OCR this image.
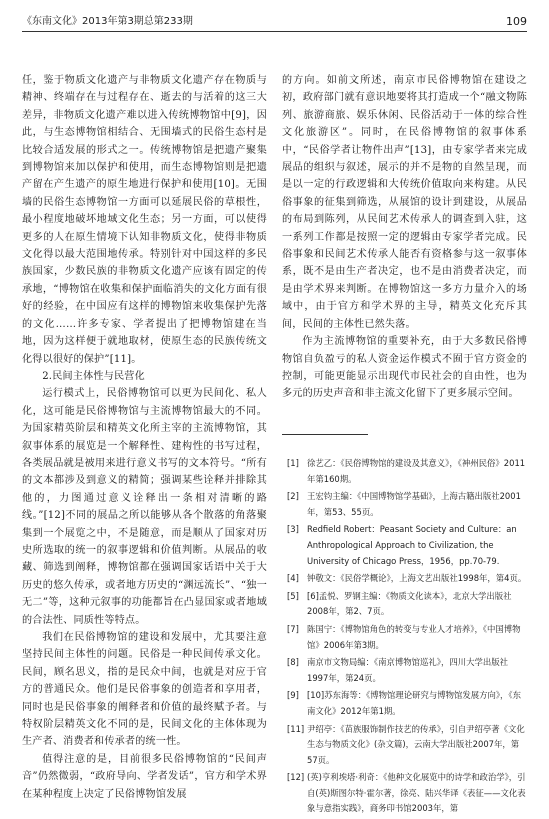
《东南文化》2013年第3期总第233期	109

任，鉴于物质文化遗产与非物质文化遗产存在物质与精神、终端存在与过程存在、逝去的与活着的这三大差异，非物质文化遗产难以进入传统博物馆中[9]，因此，与生态博物馆相结合、无围墙式的民俗生态村是比较合适发展的形式之一。传统博物馆是把遗产聚集到博物馆来加以保护和使用，而生态博物馆则是把遗产留在产生遗产的原生地进行保护和使用[10]。无围墙的民俗生态博物馆一方面可以延展民俗的草根性，最小程度地破坏地域文化生态；另一方面，可以使得更多的人在原生情境下认知非物质文化，使得非物质文化得以最大范围地传承。特别针对中国这样的多民族国家，少数民族的非物质文化遗产应该有固定的传承地，“博物馆在收集和保护面临消失的文化方面有很好的经验，在中国应有这样的博物馆来收集保护先落的文化……许多专家、学者提出了把博物馆建在当地，因为这样便于就地取材，使原生态的民族传统文化得以很好的保护”[11]。

2.民间主体性与民营化

运行模式上，民俗博物馆可以更为民间化、私人化，这可能是民俗博物馆与主流博物馆最大的不同。为国家精英阶层和精英文化所主宰的主流博物馆，其叙事体系的展览是一个解释性、建构性的书写过程，各类展品就是被用来进行意义书写的文本符号。“所有的文本都涉及到意义的精简；强调某些诠释并排除其他的，力图通过意义诠释出一条相对清晰的路线。”[12]不同的展品之所以能够从各个散落的角落聚集到一个展览之中，不是随意，而是顺从了国家对历史所选取的统一的叙事逻辑和价值判断。从展品的收藏、筛选到阐释，博物馆都在强调国家话语中关于大历史的悠久传承，或者地方历史的“渊远流长”、“独一无二”等，这种元叙事的功能都旨在凸显国家或者地域的合法性、同质性等特点。

我们在民俗博物馆的建设和发展中，尤其要注意坚持民间主体性的问题。民俗是一种民间传承文化。民间，顾名思义，指的是民众中间，也就是对应于官方的普通民众。他们是民俗事象的创造者和享用者，同时也是民俗事象的阐释者和价值的最终赋予者。与特权阶层精英文化不同的是，民间文化的主体体现为生产者、消费者和传承者的统一性。

值得注意的是，目前很多民俗博物馆的“民间声音”仍然微弱，“政府导向、学者发话”，官方和学术界在某种程度上决定了民俗博物馆发展

的方向。如前文所述，南京市民俗博物馆在建设之初，政府部门就有意识地要将其打造成一个“融文物陈列、旅游商旅、娱乐休闲、民俗活动于一体的综合性文化旅游区”。同时，在民俗博物馆的叙事体系中，“民俗学者让物件出声”[13]，由专家学者来完成展品的组织与叙述，展示的并不是物的自然呈现，而是以一定的行政逻辑和大传统价值取向来构建。从民俗事象的征集到筛选，从展馆的设计到建设，从展品的布局到陈列，从民间艺术传承人的调查到入驻，这一系列工作都是按照一定的逻辑由专家学者完成。民俗事象和民间艺术传承人能否有资格参与这一叙事体系，既不是由生产者决定，也不是由消费者决定，而是由学术界来判断。在博物馆这一多方力量介入的场域中，由于官方和学术界的主导，精英文化充斥其间，民间的主体性已然失落。

作为主流博物馆的重要补充，由于大多数民俗博物馆自负盈亏的私人资金运作模式不囿于官方资金的控制，可能更能显示出现代市民社会的自由性，也为多元的历史声音和非主流文化留下了更多展示空间。

[1] 徐艺乙：《民俗博物馆的建设及其意义》，《神州民俗》2011年第160期。
[2] 王宏钧主编：《中国博物馆学基础》，上海古籍出版社2001年，第53、55页。
[3] Redfield Robert：Peasant Society and Culture：an Anthropological Approach to Civilization, the University of Chicago Press，1956，pp.70-79.
[4] 钟敬文：《民俗学概论》，上海文艺出版社1998年，第4页。
[5] [6]孟悦、罗钢主编：《物质文化读本》，北京大学出版社2008年，第2、7页。
[7] 陈国宁：《博物馆角色的转变与专业人才培养》，《中国博物馆》2006年第3期。
[8] 南京市文物局编：《南京博物馆巡礼》，四川大学出版社1997年，第24页。
[9] [10]苏东海等：《博物馆理论研究与博物馆发展方向》，《东南文化》2012年第1期。
[11] 尹绍亭：《苗族服饰制作技艺的传承》，引自尹绍亭著《文化生态与物质文化》(杂文篇)，云南大学出版社2007年，第57页。
[12] (英)亨利埃塔·利奇：《他种文化展览中的诗学和政治学》，引自(英)斯图尔特·霍尔著，徐亮、陆兴华译《表征——文化表象与意指实践》，商务印书馆2003年，第
